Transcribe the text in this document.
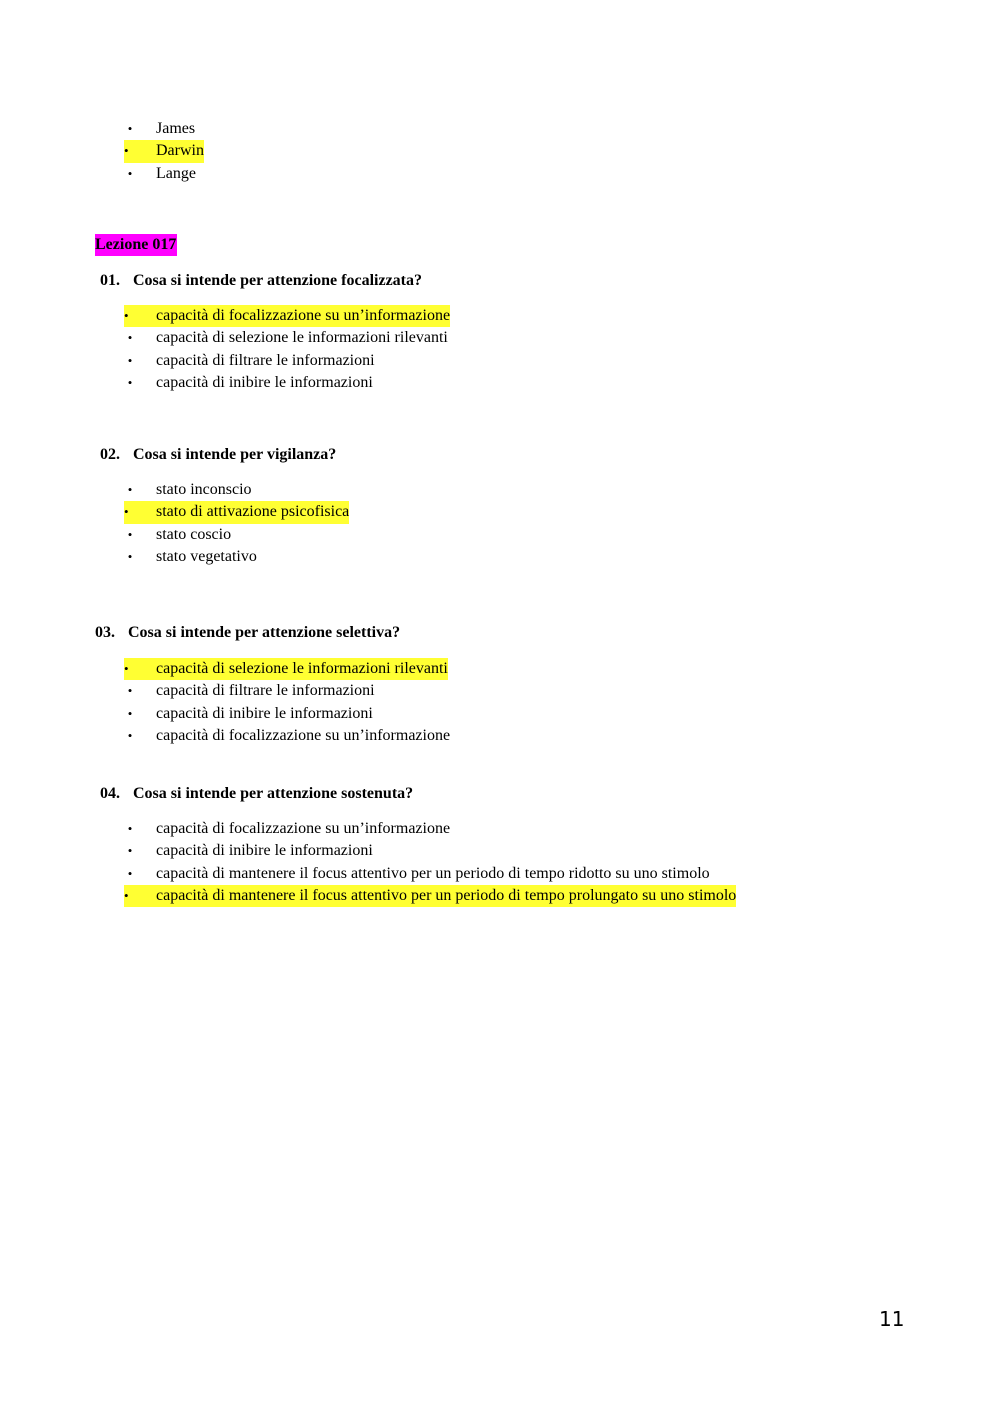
• James
•	Darwin
• Lange
Lezione 017
01. Cosa si intende per attenzione focalizzata?
•	capacità di focalizzazione su un’informazione
• capacità di selezione le informazioni rilevanti
• capacità di filtrare le informazioni
• capacità di inibire le informazioni
02. Cosa si intende per vigilanza?
• stato inconscio
•	stato di attivazione psicofisica
• stato coscio
• stato vegetativo
03. Cosa si intende per attenzione selettiva?
•	capacità di selezione le informazioni rilevanti
• capacità di filtrare le informazioni
• capacità di inibire le informazioni
• capacità di focalizzazione su un’informazione
04. Cosa si intende per attenzione sostenuta?
• capacità di focalizzazione su un’informazione
• capacità di inibire le informazioni
• capacità di mantenere il focus attentivo per un periodo di tempo ridotto su uno stimolo
•	capacità di mantenere il focus attentivo per un periodo di tempo prolungato su uno stimolo
11
